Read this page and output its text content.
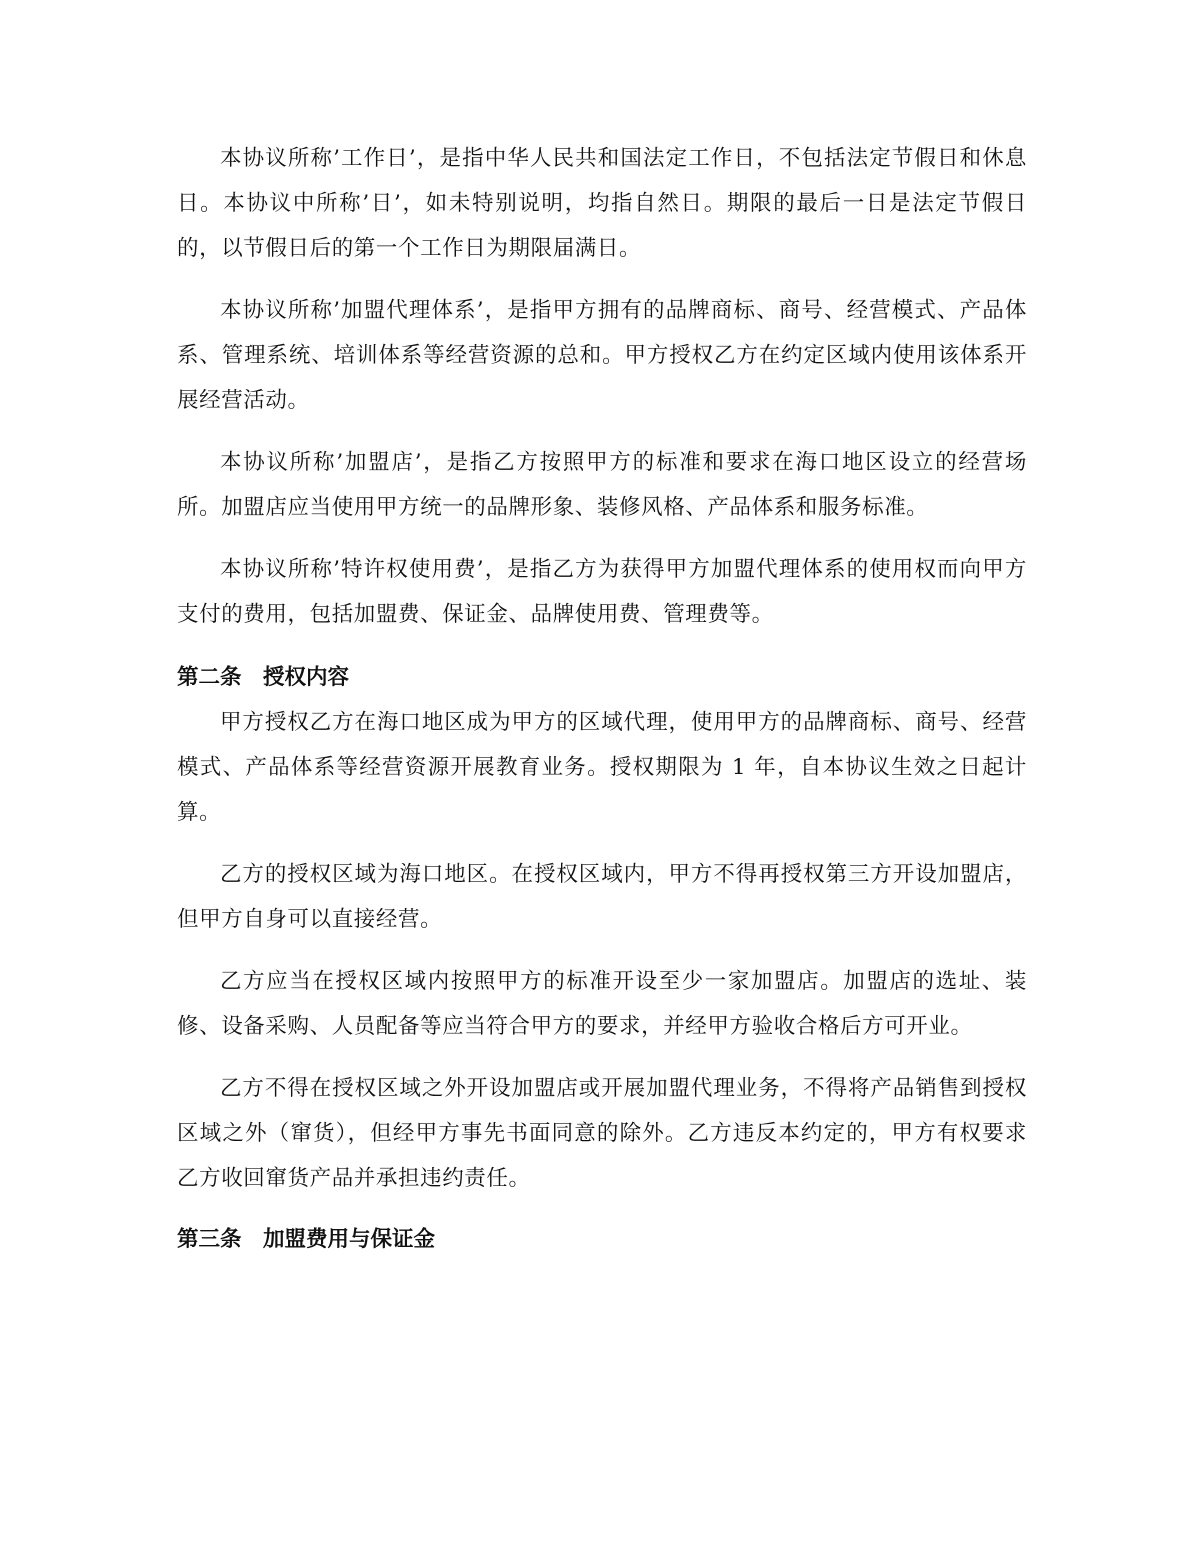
本协议所称’工作日’，是指中华人民共和国法定工作日，不包括法定节假日和休息日。本协议中所称’日’，如未特别说明，均指自然日。期限的最后一日是法定节假日的，以节假日后的第一个工作日为期限届满日。

本协议所称’加盟代理体系’，是指甲方拥有的品牌商标、商号、经营模式、产品体系、管理系统、培训体系等经营资源的总和。甲方授权乙方在约定区域内使用该体系开展经营活动。

本协议所称’加盟店’，是指乙方按照甲方的标准和要求在海口地区设立的经营场所。加盟店应当使用甲方统一的品牌形象、装修风格、产品体系和服务标准。

本协议所称’特许权使用费’，是指乙方为获得甲方加盟代理体系的使用权而向甲方支付的费用，包括加盟费、保证金、品牌使用费、管理费等。

第二条　授权内容

甲方授权乙方在海口地区成为甲方的区域代理，使用甲方的品牌商标、商号、经营模式、产品体系等经营资源开展教育业务。授权期限为 1 年，自本协议生效之日起计算。

乙方的授权区域为海口地区。在授权区域内，甲方不得再授权第三方开设加盟店，但甲方自身可以直接经营。

乙方应当在授权区域内按照甲方的标准开设至少一家加盟店。加盟店的选址、装修、设备采购、人员配备等应当符合甲方的要求，并经甲方验收合格后方可开业。

乙方不得在授权区域之外开设加盟店或开展加盟代理业务，不得将产品销售到授权区域之外（窜货），但经甲方事先书面同意的除外。乙方违反本约定的，甲方有权要求乙方收回窜货产品并承担违约责任。

第三条　加盟费用与保证金
